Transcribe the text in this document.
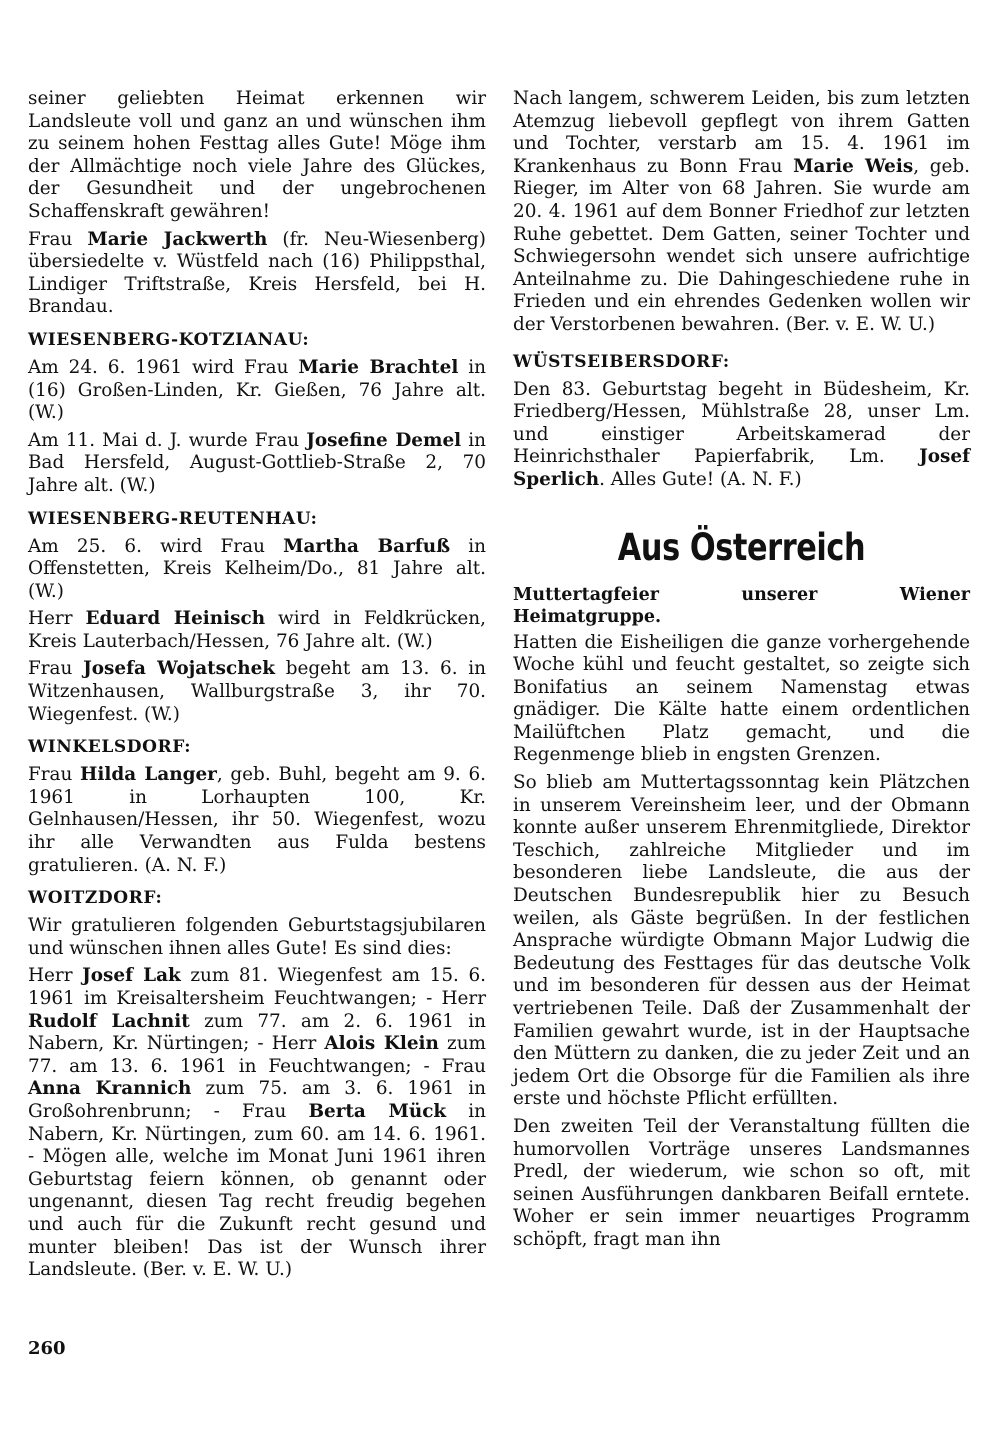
seiner geliebten Heimat erkennen wir Landsleute voll und ganz an und wünschen ihm zu seinem hohen Festtag alles Gute! Möge ihm der Allmächtige noch viele Jahre des Glückes, der Gesundheit und der ungebrochenen Schaffenskraft gewähren!

Frau Marie Jackwerth (fr. Neu-Wiesenberg) übersiedelte v. Wüstfeld nach (16) Philippsthal, Lindiger Triftstraße, Kreis Hersfeld, bei H. Brandau.

WIESENBERG-KOTZIANAU:

Am 24. 6. 1961 wird Frau Marie Brachtel in (16) Großen-Linden, Kr. Gießen, 76 Jahre alt. (W.)

Am 11. Mai d. J. wurde Frau Josefine Demel in Bad Hersfeld, August-Gottlieb-Straße 2, 70 Jahre alt. (W.)

WIESENBERG-REUTENHAU:

Am 25. 6. wird Frau Martha Barfuß in Offenstetten, Kreis Kelheim/Do., 81 Jahre alt. (W.)

Herr Eduard Heinisch wird in Feldkrücken, Kreis Lauterbach/Hessen, 76 Jahre alt. (W.)

Frau Josefa Wojatschek begeht am 13. 6. in Witzenhausen, Wallburgstraße 3, ihr 70. Wiegenfest. (W.)

WINKELSDORF:

Frau Hilda Langer, geb. Buhl, begeht am 9. 6. 1961 in Lorhaupten 100, Kr. Gelnhausen/Hessen, ihr 50. Wiegenfest, wozu ihr alle Verwandten aus Fulda bestens gratulieren. (A. N. F.)

WOITZDORF:

Wir gratulieren folgenden Geburtstagsjubilaren und wünschen ihnen alles Gute! Es sind dies:

Herr Josef Lak zum 81. Wiegenfest am 15. 6. 1961 im Kreisaltersheim Feuchtwangen; - Herr Rudolf Lachnit zum 77. am 2. 6. 1961 in Nabern, Kr. Nürtingen; - Herr Alois Klein zum 77. am 13. 6. 1961 in Feuchtwangen; - Frau Anna Krannich zum 75. am 3. 6. 1961 in Großohrenbrunn; - Frau Berta Mück in Nabern, Kr. Nürtingen, zum 60. am 14. 6. 1961. - Mögen alle, welche im Monat Juni 1961 ihren Geburtstag feiern können, ob genannt oder ungenannt, diesen Tag recht freudig begehen und auch für die Zukunft recht gesund und munter bleiben! Das ist der Wunsch ihrer Landsleute. (Ber. v. E. W. U.)

Nach langem, schwerem Leiden, bis zum letzten Atemzug liebevoll gepflegt von ihrem Gatten und Tochter, verstarb am 15. 4. 1961 im Krankenhaus zu Bonn Frau Marie Weis, geb. Rieger, im Alter von 68 Jahren. Sie wurde am 20. 4. 1961 auf dem Bonner Friedhof zur letzten Ruhe gebettet. Dem Gatten, seiner Tochter und Schwiegersohn wendet sich unsere aufrichtige Anteilnahme zu. Die Dahingeschiedene ruhe in Frieden und ein ehrendes Gedenken wollen wir der Verstorbenen bewahren. (Ber. v. E. W. U.)

WÜSTSEIBERSDORF:

Den 83. Geburtstag begeht in Büdesheim, Kr. Friedberg/Hessen, Mühlstraße 28, unser Lm. und einstiger Arbeitskamerad der Heinrichsthaler Papierfabrik, Lm. Josef Sperlich. Alles Gute! (A. N. F.)

Aus Österreich
Muttertagfeier unserer Wiener Heimatgruppe.

Hatten die Eisheiligen die ganze vorhergehende Woche kühl und feucht gestaltet, so zeigte sich Bonifatius an seinem Namenstag etwas gnädiger. Die Kälte hatte einem ordentlichen Mailüftchen Platz gemacht, und die Regenmenge blieb in engsten Grenzen.

So blieb am Muttertagssonntag kein Plätzchen in unserem Vereinsheim leer, und der Obmann konnte außer unserem Ehrenmitgliede, Direktor Teschich, zahlreiche Mitglieder und im besonderen liebe Landsleute, die aus der Deutschen Bundesrepublik hier zu Besuch weilen, als Gäste begrüßen. In der festlichen Ansprache würdigte Obmann Major Ludwig die Bedeutung des Festtages für das deutsche Volk und im besonderen für dessen aus der Heimat vertriebenen Teile. Daß der Zusammenhalt der Familien gewahrt wurde, ist in der Hauptsache den Müttern zu danken, die zu jeder Zeit und an jedem Ort die Obsorge für die Familien als ihre erste und höchste Pflicht erfüllten.

Den zweiten Teil der Veranstaltung füllten die humorvollen Vorträge unseres Landsmannes Predl, der wiederum, wie schon so oft, mit seinen Ausführungen dankbaren Beifall erntete. Woher er sein immer neuartiges Programm schöpft, fragt man ihn

260
